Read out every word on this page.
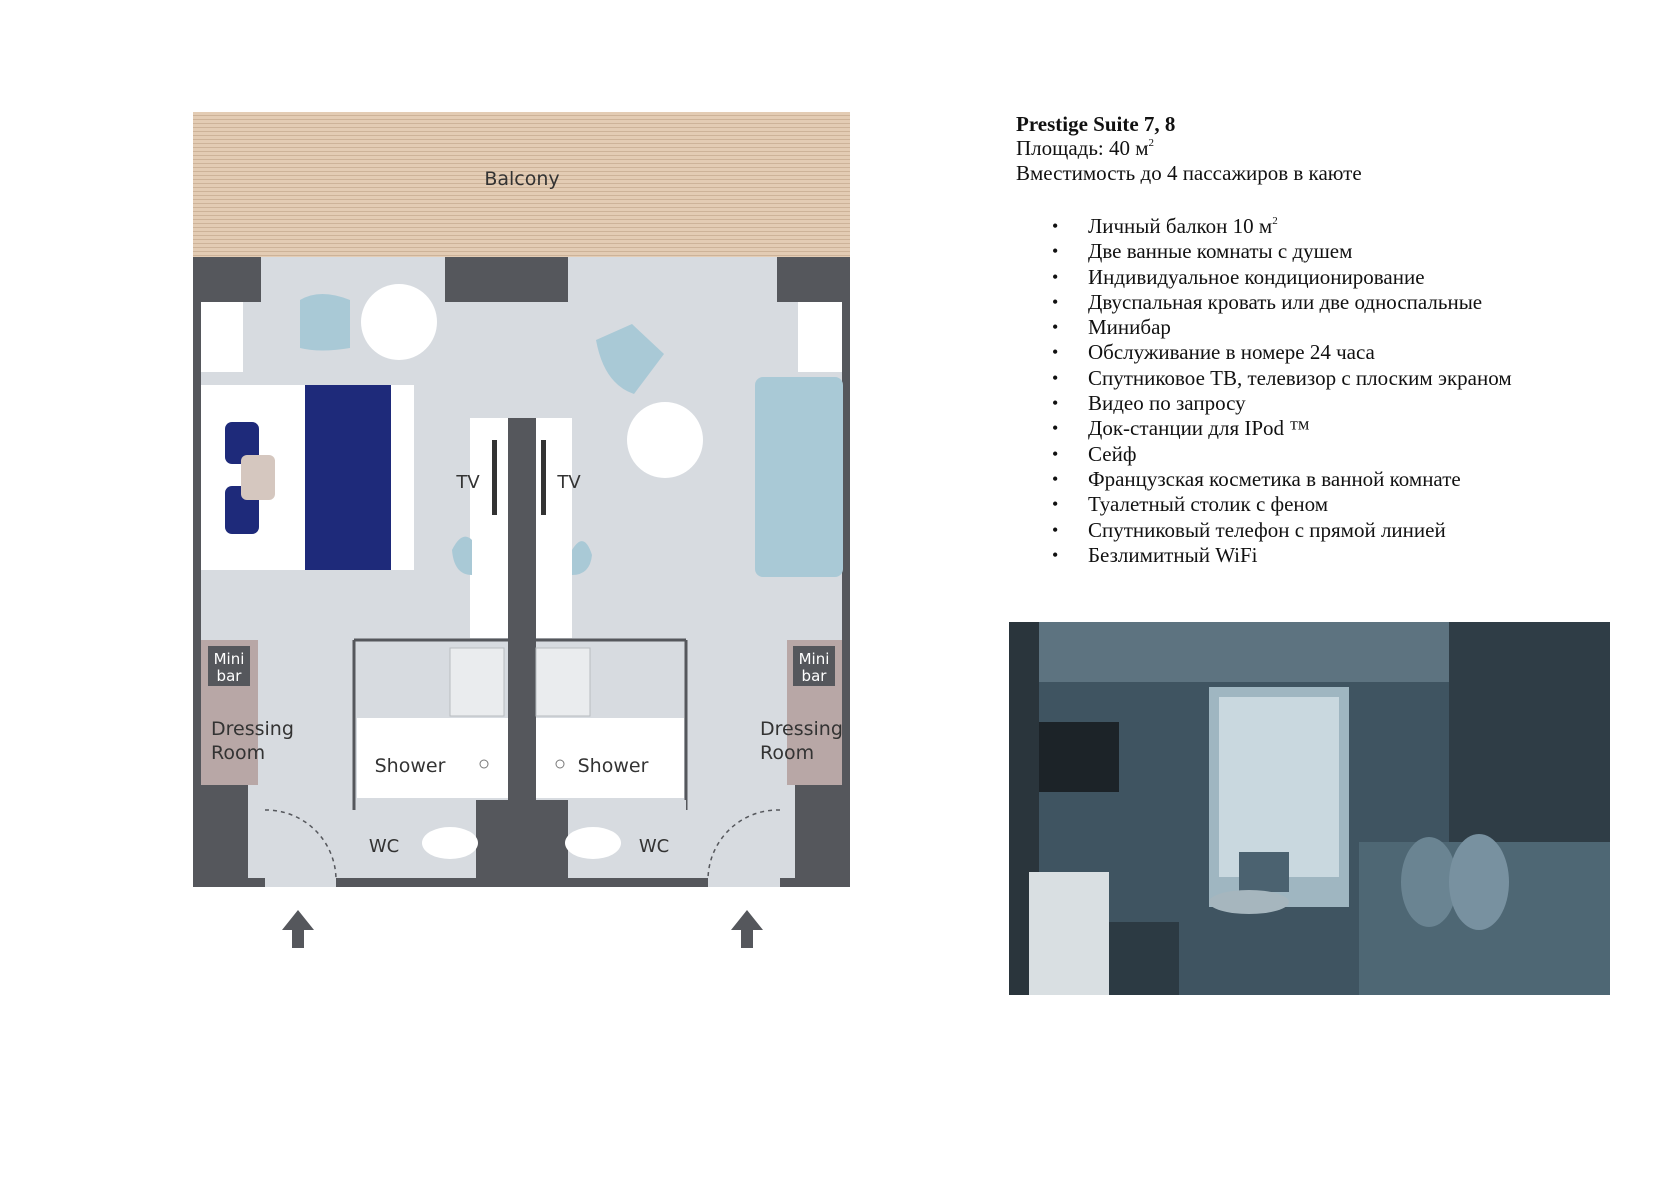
Balcony
TV	TV
Shower	Shower
WC	WC
Mini
bar
Mini
bar
Dressing
Room
Dressing
Room
Prestige Suite 7, 8
Площадь: 40 $м^2$
Вместимость до 4 пассажиров в каюте
• Личный балкон 10 $м^2$
• Две ванные комнаты с душем
• Индивидуальное кондиционирование
• Двуспальная кровать или две односпальные
• Минибар
• Обслуживание в номере 24 часа
• Спутниковое ТВ, телевизор с плоским экраном
• Видео по запросу
• Док-станции для IPod ™
• Сейф
• Французская косметика в ванной комнате
• Туалетный столик с феном
• Спутниковый телефон с прямой линией
• Безлимитный WiFi
